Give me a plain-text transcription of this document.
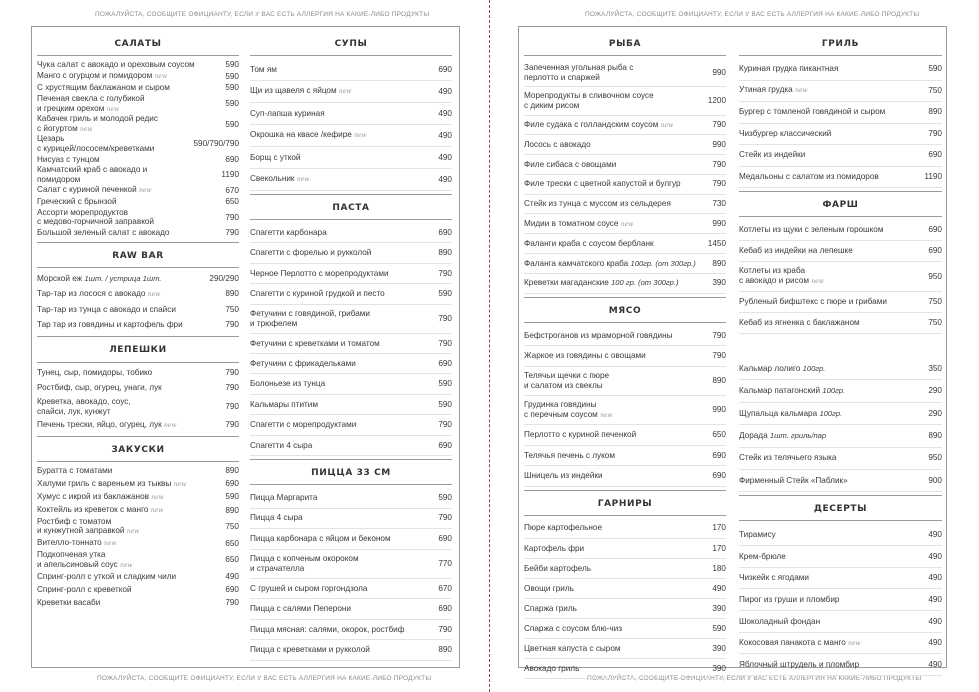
ПОЖАЛУЙСТА, СООБЩИТЕ ОФИЦИАНТУ, ЕСЛИ У ВАС ЕСТЬ АЛЛЕРГИЯ НА КАКИЕ-ЛИБО ПРОДУКТЫ	ПОЖАЛУЙСТА, СООБЩИТЕ ОФИЦИАНТУ, ЕСЛИ У ВАС ЕСТЬ АЛЛЕРГИЯ НА КАКИЕ-ЛИБО ПРОДУКТЫ
ПОЖАЛУЙСТА, СООБЩИТЕ ОФИЦИАНТУ, ЕСЛИ У ВАС ЕСТЬ АЛЛЕРГИЯ НА КАКИЕ-ЛИБО ПРОДУКТЫ	ПОЖАЛУЙСТА, СООБЩИТЕ ОФИЦИАНТУ, ЕСЛИ У ВАС ЕСТЬ АЛЛЕРГИЯ НА КАКИЕ-ЛИБО ПРОДУКТЫ
САЛАТЫ
Чука салат с авокадо и ореховым соусом	590
Манго с огурцом и помидором new	590
С хрустящим баклажаном и сыром	590
Печеная свекла с голубикой
и грецким орехом new
590
Кабачек гриль и молодой редис
с йогуртом new
590
Цезарь
с курицей/лососем/креветками
590/790/790
Нисуаз с тунцом	690
Камчатский краб с авокадо и
помидором
1190
Салат с куриной печенкой new	670
Греческий с брынзой	650
Ассорти морепродуктов
с медово-горчичной заправкой
790
Большой зеленый салат с авокадо	790
RAW BAR
Морской еж 1шт. / устрица 1шт.	290/290
Тар-тар из лосося с авокадо new	890
Тар-тар из тунца с авокадо и спайси	750
Тар тар из говядины и картофель фри	790
ЛЕПЕШКИ
Тунец, сыр, помидоры, тобико	790
Ростбиф, сыр, огурец, унаги, лук	790
Креветка, авокадо, соус,
спайси, лук, кунжут
790
Печень трески, яйцо, огурец, лук new	790
ЗАКУСКИ
Буратта с томатами	890
Халуми гриль с вареньем из тыквы new	690
Хумус с икрой из баклажанов new	590
Коктейль из креветок с манго new	890
Ростбиф с томатом
и кунжутной заправкой new
750
Вителло-тоннато new	650
Подкопченая утка
и апельсиновый соус new
650
Спринг-ролл с уткой и сладким чили	490
Спринг-ролл с креветкой	690
Креветки васаби	790
СУПЫ
Том ям	690
Щи из щавеля с яйцом new	490
Суп-лапша куриная	490
Окрошка на квасе /кефире new	490
Борщ с уткой	490
Свекольник new	490
ПАСТА
Спагетти карбонара	690
Спагетти с форелью и рукколой	890
Черное Перлотто с морепродуктами	790
Спагетти с куриной грудкой и песто	590
Фетучини с говядиной, грибами
и трюфелем
790
Фетучини с креветками и томатом	790
Фетучини с фрикадельками	690
Болоньезе из тунца	590
Кальмары птитим	590
Спагетти с морепродуктами	790
Спагетти 4 сыра	690
ПИЦЦА 33 СМ
Пицца Маргарита	590
Пицца 4 сыра	790
Пицца карбонара с яйцом и беконом	690
Пицца с копченым окороком
и страчателла
770
С грушей и сыром горгондзола	670
Пицца с салями Пеперони	690
Пицца мясная: салями, окорок, ростбиф	790
Пицца с креветками и рукколой	890
РЫБА
Запеченная угольная рыба с
перлотто и спаржей
990
Морепродукты в сливочном соусе
с диким рисом
1200
Филе судака с голландским соусом new	790
Лосось с авокадо	990
Филе сибаса с овощами	790
Филе трески с цветной капустой и булгур	790
Стейк из тунца с муссом из сельдерея	730
Мидии в томатном соусе new	990
Фаланги краба с соусом бербланк	1450
Фаланга камчатского краба 100гр. (от 300гр.)	890
Креветки магаданские 100 гр. (от 300гр.)	390
МЯСО
Бефстроганов из мраморной говядины	790
Жаркое из говядины с овощами	790
Телячьи щечки с пюре
и салатом из свеклы
890
Грудинка говядины
с перечным соусом new
990
Перлотто с куриной печенкой	650
Телячья печень с луком	690
Шницель из индейки	690
ГАРНИРЫ
Пюре картофельное	170
Картофель фри	170
Бейби картофель	180
Овощи гриль	490
Спаржа гриль	390
Спаржа с соусом блю-чиз	590
Цветная капуста с сыром	390
Авокадо гриль	390
ГРИЛЬ
Куриная грудка пикантная	590
Утиная грудка new	750
Бургер с томленой говядиной и сыром	890
Чизбургер классический	790
Стейк из индейки	690
Медальоны с салатом из помидоров	1190
ФАРШ
Котлеты из щуки с зеленым горошком	690
Кебаб из индейки на лепешке	690
Котлеты из краба
с авокадо и рисом new
950
Рубленый бифштекс с пюре и грибами	750
Кебаб из ягненка с баклажаном	750
Кальмар лолиго 100гр.	350
Кальмар патагонский 100гр.	290
Щупальца кальмара 100гр.	290
Дорада 1шт. гриль/пар	890
Стейк из телячьего языка	950
Фирменный Стейк «Паблик»	900
ДЕСЕРТЫ
Тирамису	490
Крем-брюле	490
Чизкейк с ягодами	490
Пирог из груши и пломбир	490
Шоколадный фондан	490
Кокосовая панакота с манго new	490
Яблочный штрудель и пломбир	490
